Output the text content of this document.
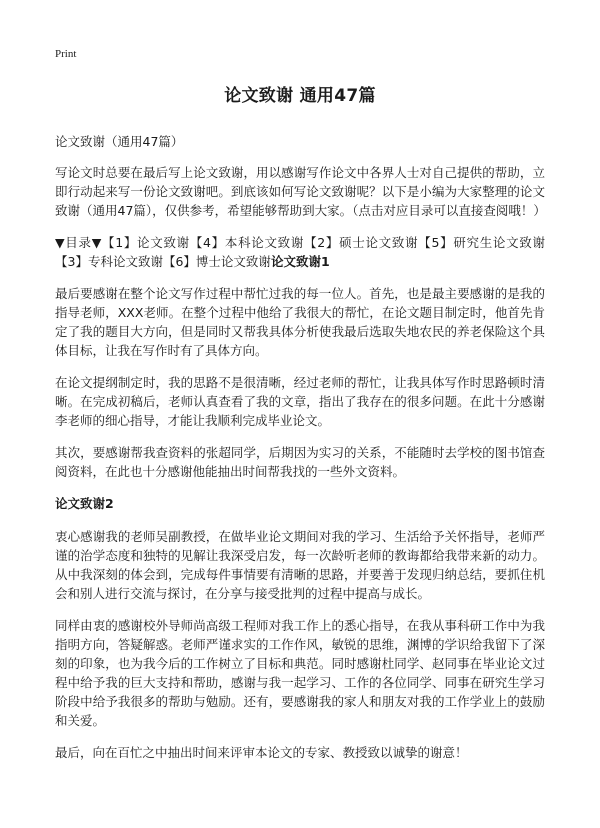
Print
论文致谢 通用47篇

论文致谢（通用47篇）

写论文时总要在最后写上论文致谢，用以感谢写作论文中各界人士对自己提供的帮助，立即行动起来写一份论文致谢吧。到底该如何写论文致谢呢？以下是小编为大家整理的论文致谢（通用47篇），仅供参考，希望能够帮助到大家。（点击对应目录可以直接查阅哦！）

▼目录▼【1】论文致谢【4】本科论文致谢【2】硕士论文致谢【5】研究生论文致谢【3】专科论文致谢【6】博士论文致谢论文致谢1

最后要感谢在整个论文写作过程中帮忙过我的每一位人。首先，也是最主要感谢的是我的指导老师，XXX老师。在整个过程中他给了我很大的帮忙，在论文题目制定时，他首先肯定了我的题目大方向，但是同时又帮我具体分析使我最后选取失地农民的养老保险这个具体目标，让我在写作时有了具体方向。

在论文提纲制定时，我的思路不是很清晰，经过老师的帮忙，让我具体写作时思路顿时清晰。在完成初稿后，老师认真查看了我的文章，指出了我存在的很多问题。在此十分感谢李老师的细心指导，才能让我顺利完成毕业论文。

其次，要感谢帮我查资料的张超同学，后期因为实习的关系，不能随时去学校的图书馆查阅资料，在此也十分感谢他能抽出时间帮我找的一些外文资料。

论文致谢2

衷心感谢我的老师吴副教授，在做毕业论文期间对我的学习、生活给予关怀指导，老师严谨的治学态度和独特的见解让我深受启发，每一次龄听老师的教诲都给我带来新的动力。从中我深刻的体会到，完成每件事情要有清晰的思路，并要善于发现归纳总结，要抓住机会和别人进行交流与探讨，在分享与接受批判的过程中提高与成长。

同样由衷的感谢校外导师尚高级工程师对我工作上的悉心指导，在我从事科研工作中为我指明方向，答疑解惑。老师严谨求实的工作作风，敏锐的思维，渊博的学识给我留下了深刻的印象，也为我今后的工作树立了目标和典范。同时感谢杜同学、赵同事在毕业论文过程中给予我的巨大支持和帮助，感谢与我一起学习、工作的各位同学、同事在研究生学习阶段中给予我很多的帮助与勉励。还有，要感谢我的家人和朋友对我的工作学业上的鼓励和关爱。

最后，向在百忙之中抽出时间来评审本论文的专家、教授致以诚挚的谢意！
